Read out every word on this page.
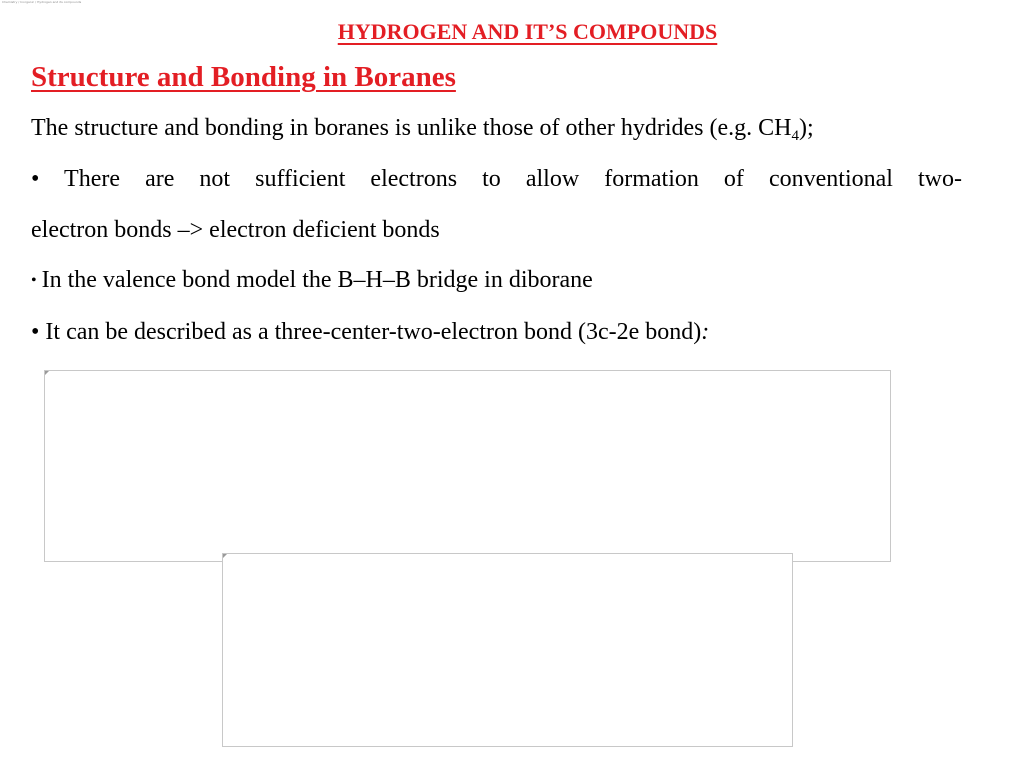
Chemistry / Inorganic / Hydrogen and its compounds
HYDROGEN AND IT’S COMPOUNDS
Structure and Bonding in Boranes
The structure and bonding in boranes is unlike those of other hydrides (e.g. $CH_4$);
• There are not sufficient electrons to allow formation of conventional two-
electron bonds –> electron deficient bonds
• In the valence bond model the B–H–B bridge in diborane
• It can be described as a three-center-two-electron bond (3c-2e bond):
